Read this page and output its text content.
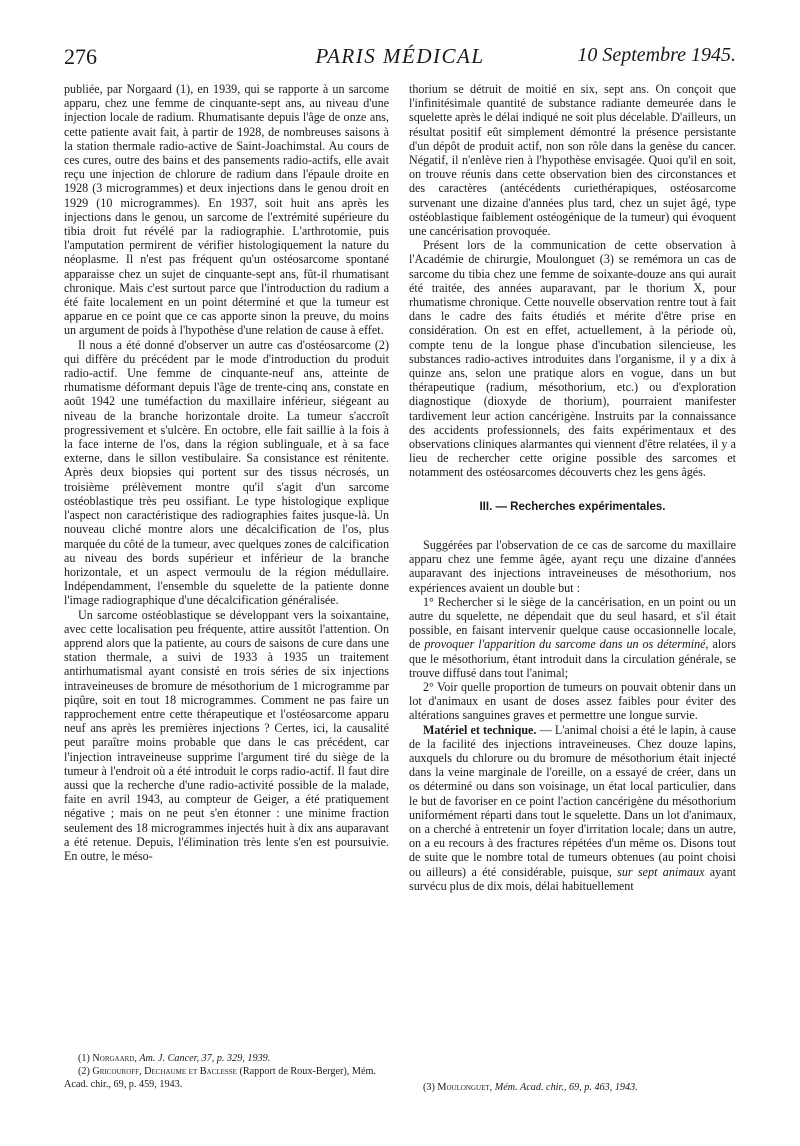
276	PARIS MÉDICAL	10 Septembre 1945.

publiée, par Norgaard (1), en 1939, qui se rapporte à un sarcome apparu, chez une femme de cinquante-sept ans, au niveau d'une injection locale de radium. Rhumatisante depuis l'âge de onze ans, cette patiente avait fait, à partir de 1928, de nombreuses saisons à la station thermale radio-active de Saint-Joachimstal. Au cours de ces cures, outre des bains et des pansements radio-actifs, elle avait reçu une injection de chlorure de radium dans l'épaule droite en 1928 (3 microgrammes) et deux injections dans le genou droit en 1929 (10 microgrammes). En 1937, soit huit ans après les injections dans le genou, un sarcome de l'extrémité supérieure du tibia droit fut révélé par la radiographie. L'arthrotomie, puis l'amputation permirent de vérifier histologiquement la nature du néoplasme. Il n'est pas fréquent qu'un ostéosarcome spontané apparaisse chez un sujet de cinquante-sept ans, fût-il rhumatisant chronique. Mais c'est surtout parce que l'introduction du radium a été faite localement en un point déterminé et que la tumeur est apparue en ce point que ce cas apporte sinon la preuve, du moins un argument de poids à l'hypothèse d'une relation de cause à effet.

Il nous a été donné d'observer un autre cas d'ostéosarcome (2) qui diffère du précédent par le mode d'introduction du produit radio-actif. Une femme de cinquante-neuf ans, atteinte de rhumatisme déformant depuis l'âge de trente-cinq ans, constate en août 1942 une tuméfaction du maxillaire inférieur, siégeant au niveau de la branche horizontale droite. La tumeur s'accroît progressivement et s'ulcère. En octobre, elle fait saillie à la fois à la face interne de l'os, dans la région sublinguale, et à sa face externe, dans le sillon vestibulaire. Sa consistance est rénitente. Après deux biopsies qui portent sur des tissus nécrosés, un troisième prélèvement montre qu'il s'agit d'un sarcome ostéoblastique très peu ossifiant. Le type histologique explique l'aspect non caractéristique des radiographies faites jusque-là. Un nouveau cliché montre alors une décalcification de l'os, plus marquée du côté de la tumeur, avec quelques zones de calcification au niveau des bords supérieur et inférieur de la branche horizontale, et un aspect vermoulu de la région médullaire. Indépendamment, l'ensemble du squelette de la patiente donne l'image radiographique d'une décalcification généralisée.

Un sarcome ostéoblastique se développant vers la soixantaine, avec cette localisation peu fréquente, attire aussitôt l'attention. On apprend alors que la patiente, au cours de saisons de cure dans une station thermale, a suivi de 1933 à 1935 un traitement antirhumatismal ayant consisté en trois séries de six injections intraveineuses de bromure de mésothorium de 1 microgramme par piqûre, soit en tout 18 microgrammes. Comment ne pas faire un rapprochement entre cette thérapeutique et l'ostéosarcome apparu neuf ans après les premières injections ? Certes, ici, la causalité peut paraître moins probable que dans le cas précédent, car l'injection intraveineuse supprime l'argument tiré du siège de la tumeur à l'endroit où a été introduit le corps radio-actif. Il faut dire aussi que la recherche d'une radio-activité possible de la malade, faite en avril 1943, au compteur de Geiger, a été pratiquement négative ; mais on ne peut s'en étonner : une minime fraction seulement des 18 microgrammes injectés huit à dix ans auparavant a été retenue. Depuis, l'élimination très lente s'en est poursuivie. En outre, le méso-

thorium se détruit de moitié en six, sept ans. On conçoit que l'infinitésimale quantité de substance radiante demeurée dans le squelette après le délai indiqué ne soit plus décelable. D'ailleurs, un résultat positif eût simplement démontré la présence persistante d'un dépôt de produit actif, non son rôle dans la genèse du cancer. Négatif, il n'enlève rien à l'hypothèse envisagée. Quoi qu'il en soit, on trouve réunis dans cette observation bien des circonstances et des caractères (antécédents curiethérapiques, ostéosarcome survenant une dizaine d'années plus tard, chez un sujet âgé, type ostéoblastique faiblement ostéogénique de la tumeur) qui évoquent une cancérisation provoquée.

Présent lors de la communication de cette observation à l'Académie de chirurgie, Moulonguet (3) se remémora un cas de sarcome du tibia chez une femme de soixante-douze ans qui aurait été traitée, des années auparavant, par le thorium X, pour rhumatisme chronique. Cette nouvelle observation rentre tout à fait dans le cadre des faits étudiés et mérite d'être prise en considération. On est en effet, actuellement, à la période où, compte tenu de la longue phase d'incubation silencieuse, les substances radio-actives introduites dans l'organisme, il y a dix à quinze ans, selon une pratique alors en vogue, dans un but thérapeutique (radium, mésothorium, etc.) ou d'exploration diagnostique (dioxyde de thorium), pourraient manifester tardivement leur action cancérigène. Instruits par la connaissance des accidents professionnels, des faits expérimentaux et des observations cliniques alarmantes qui viennent d'être relatées, il y a lieu de rechercher cette origine possible des sarcomes et notamment des ostéosarcomes découverts chez les gens âgés.

III. — Recherches expérimentales.

Suggérées par l'observation de ce cas de sarcome du maxillaire apparu chez une femme âgée, ayant reçu une dizaine d'années auparavant des injections intraveineuses de mésothorium, nos expériences avaient un double but :

1° Rechercher si le siège de la cancérisation, en un point ou un autre du squelette, ne dépendait que du seul hasard, et s'il était possible, en faisant intervenir quelque cause occasionnelle locale, de provoquer l'apparition du sarcome dans un os déterminé, alors que le mésothorium, étant introduit dans la circulation générale, se trouve diffusé dans tout l'animal;

2° Voir quelle proportion de tumeurs on pouvait obtenir dans un lot d'animaux en usant de doses assez faibles pour éviter des altérations sanguines graves et permettre une longue survie.

Matériel et technique. — L'animal choisi a été le lapin, à cause de la facilité des injections intraveineuses. Chez douze lapins, auxquels du chlorure ou du bromure de mésothorium était injecté dans la veine marginale de l'oreille, on a essayé de créer, dans un os déterminé ou dans son voisinage, un état local particulier, dans le but de favoriser en ce point l'action cancérigène du mésothorium uniformément réparti dans tout le squelette. Dans un lot d'animaux, on a cherché à entretenir un foyer d'irritation locale; dans un autre, on a eu recours à des fractures répétées d'un même os. Disons tout de suite que le nombre total de tumeurs obtenues (au point choisi ou ailleurs) a été considérable, puisque, sur sept animaux ayant survécu plus de dix mois, délai habituellement

(1) Norgaard, Am. J. Cancer, 37, p. 329, 1939.
(2) Gricouroff, Dechaume et Baclesse (Rapport de Roux-Berger), Mém. Acad. chir., 69, p. 459, 1943.	(3) Moulonguet, Mém. Acad. chir., 69, p. 463, 1943.
